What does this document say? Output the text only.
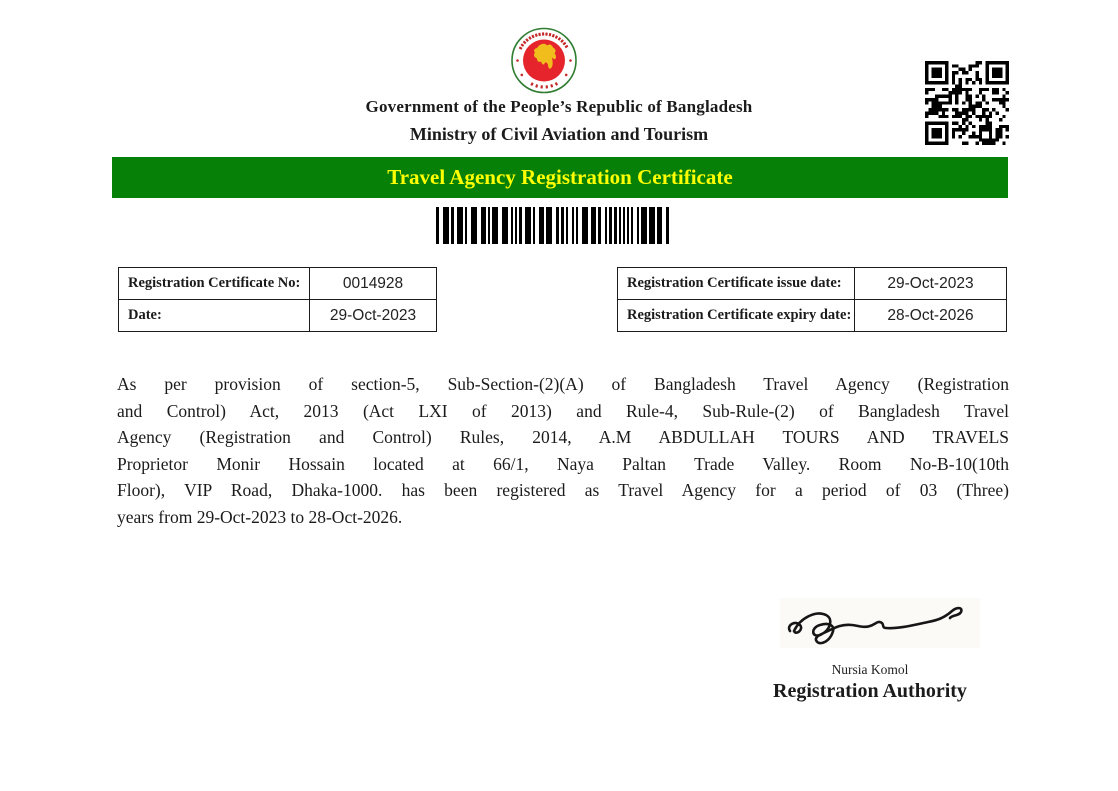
Government of the People’s Republic of Bangladesh
Ministry of Civil Aviation and Tourism
Travel Agency Registration Certificate
Registration Certificate No:	0014928
Date:	29-Oct-2023
Registration Certificate issue date:	29-Oct-2023
Registration Certificate expiry date:	28-Oct-2026
As per provision of section-5, Sub-Section-(2)(A) of Bangladesh Travel Agency (Registration
and Control) Act, 2013 (Act LXI of 2013) and Rule-4, Sub-Rule-(2) of Bangladesh Travel
Agency (Registration and Control) Rules, 2014, A.M ABDULLAH TOURS AND TRAVELS
Proprietor Monir Hossain located at 66/1, Naya Paltan Trade Valley. Room No-B-10(10th
Floor), VIP Road, Dhaka-1000. has been registered as Travel Agency for a period of 03 (Three)
years from 29-Oct-2023 to 28-Oct-2026.
Nursia Komol
Registration Authority
